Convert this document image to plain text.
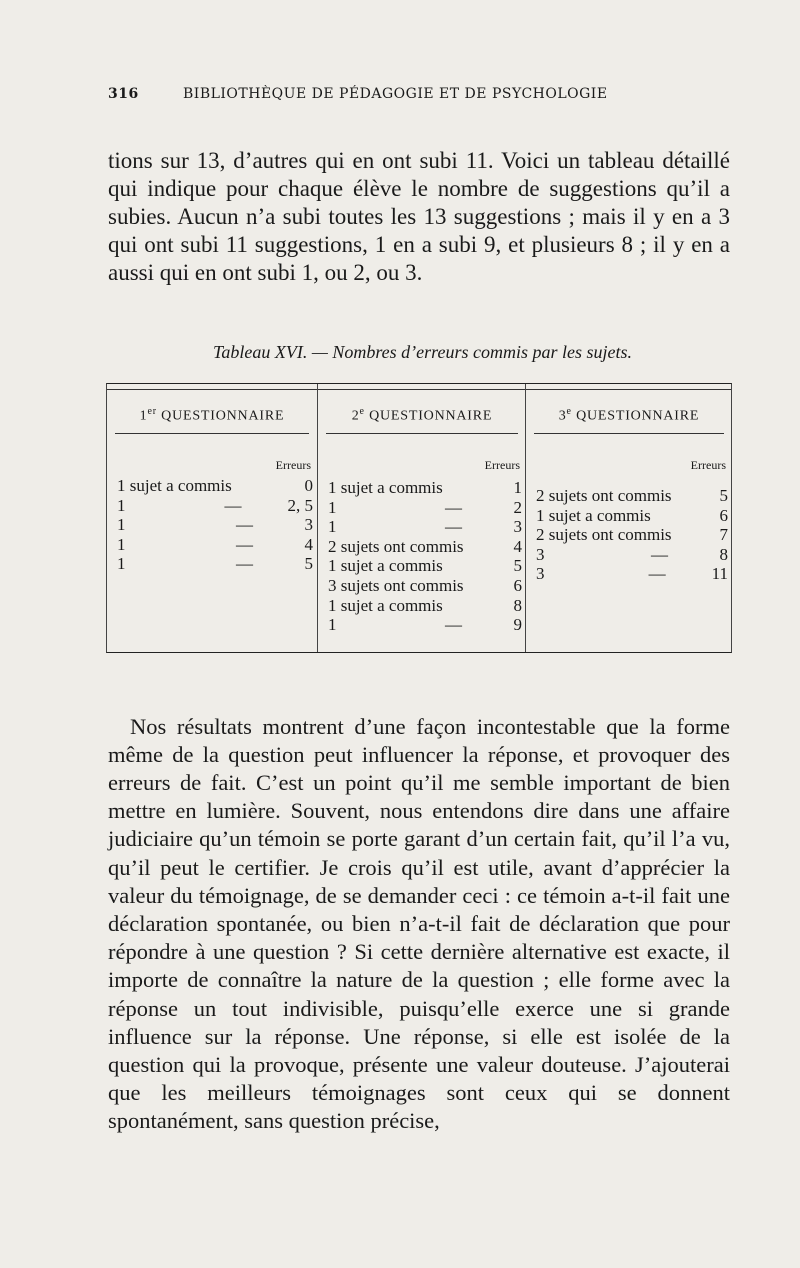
316	BIBLIOTHÈQUE DE PÉDAGOGIE ET DE PSYCHOLOGIE

tions sur 13, d’autres qui en ont subi 11. Voici un tableau détaillé qui indique pour chaque élève le nombre de suggestions qu’il a subies. Aucun n’a subi toutes les 13 suggestions ; mais il y en a 3 qui ont subi 11 suggestions, 1 en a subi 9, et plusieurs 8 ; il y en a aussi qui en ont subi 1, ou 2, ou 3.

Tableau XVI. — Nombres d’erreurs commis par les sujets.
1er QUESTIONNAIRE
Erreurs
1 sujet a commis	0
1	—	2, 5
1	—	3
1	—	4
1	—	5
2e QUESTIONNAIRE
Erreurs
1 sujet a commis	1
1	—	2
1	—	3
2 sujets ont commis	4
1 sujet a commis	5
3 sujets ont commis	6
1 sujet a commis	8
1	—	9
3e QUESTIONNAIRE
Erreurs
2 sujets ont commis	5
1 sujet a commis	6
2 sujets ont commis	7
3	—	8
3	—	11

Nos résultats montrent d’une façon incontestable que la forme même de la question peut influencer la réponse, et provoquer des erreurs de fait. C’est un point qu’il me semble important de bien mettre en lumière. Souvent, nous entendons dire dans une affaire judiciaire qu’un témoin se porte garant d’un certain fait, qu’il l’a vu, qu’il peut le certifier. Je crois qu’il est utile, avant d’apprécier la valeur du témoignage, de se demander ceci : ce témoin a-t-il fait une déclaration spontanée, ou bien n’a-t-il fait de déclaration que pour répondre à une question ? Si cette dernière alternative est exacte, il importe de connaître la nature de la question ; elle forme avec la réponse un tout indivisible, puisqu’elle exerce une si grande influence sur la réponse. Une réponse, si elle est isolée de la question qui la provoque, présente une valeur douteuse. J’ajouterai que les meilleurs témoignages sont ceux qui se donnent spontanément, sans question précise,
